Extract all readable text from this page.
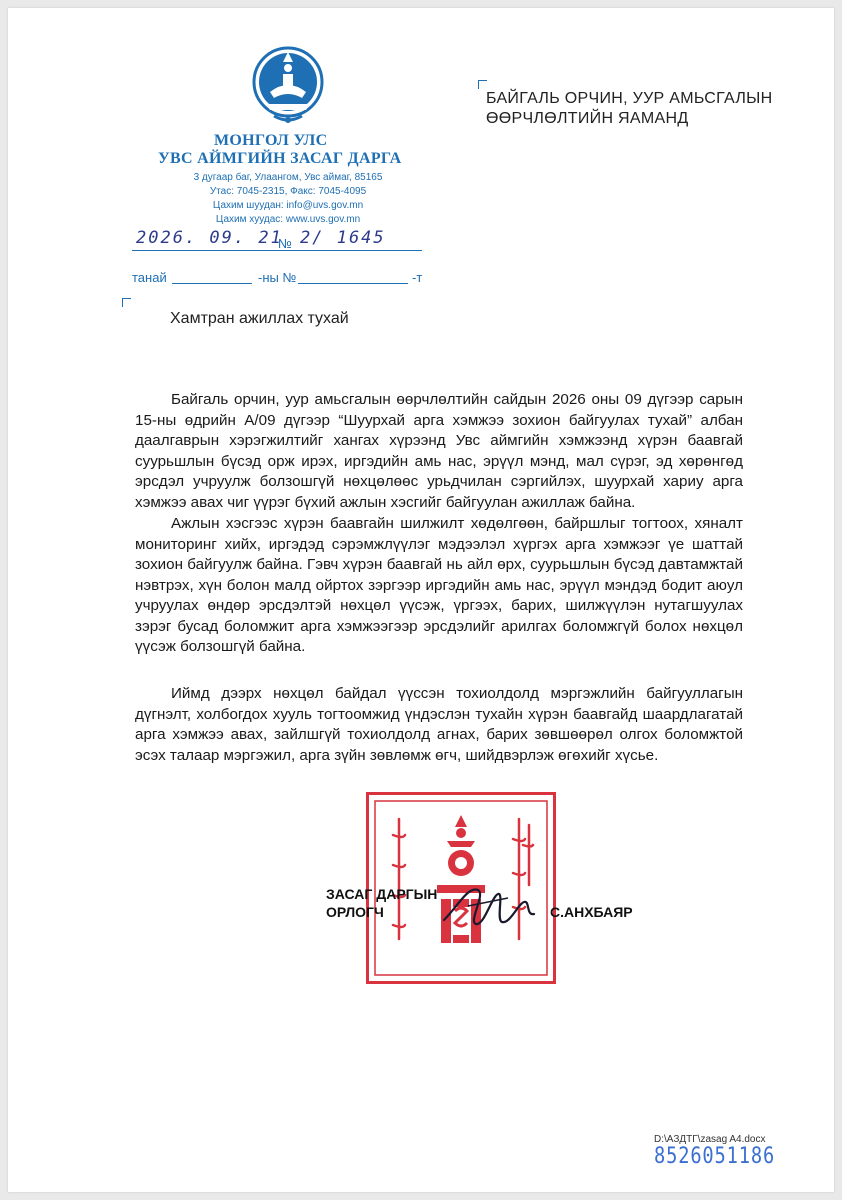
МОНГОЛ УЛС
УВС АЙМГИЙН ЗАСАГ ДАРГА
3 дугаар баг, Улаангом, Увс аймаг, 85165
Утас: 7045-2315, Факс: 7045-4095
Цахим шуудан: info@uvs.gov.mn
Цахим хуудас: www.uvs.gov.mn
БАЙГАЛЬ ОРЧИН, УУР АМЬСГАЛЫН
ӨӨРЧЛӨЛТИЙН ЯАМАНД
2026. 09. 21
№ 2/ 1645
танай	-ны №	-т
Хамтран ажиллах тухай
Байгаль орчин, уур амьсгалын өөрчлөлтийн сайдын 2026 оны 09 дүгээр сарын 15-ны өдрийн А/09 дүгээр “Шуурхай арга хэмжээ зохион байгуулах тухай” албан даалгаврын хэрэгжилтийг хангах хүрээнд Увс аймгийн хэмжээнд хүрэн баавгай суурьшлын бүсэд орж ирэх, иргэдийн амь нас, эрүүл мэнд, мал сүрэг, эд хөрөнгөд эрсдэл учруулж болзошгүй нөхцөлөөс урьдчилан сэргийлэх, шуурхай хариу арга хэмжээ авах чиг үүрэг бүхий ажлын хэсгийг байгуулан ажиллаж байна.
Ажлын хэсгээс хүрэн баавгайн шилжилт хөдөлгөөн, байршлыг тогтоох, хяналт мониторинг хийх, иргэдэд сэрэмжлүүлэг мэдээлэл хүргэх арга хэмжээг үе шаттай зохион байгуулж байна. Гэвч хүрэн баавгай нь айл өрх, суурьшлын бүсэд давтамжтай нэвтрэх, хүн болон малд ойртох зэргээр иргэдийн амь нас, эрүүл мэндэд бодит аюул учруулах өндөр эрсдэлтэй нөхцөл үүсэж, үргээх, барих, шилжүүлэн нутагшуулах зэрэг бусад боломжит арга хэмжээгээр эрсдэлийг арилгах боломжгүй болох нөхцөл үүсэж болзошгүй байна.
Иймд дээрх нөхцөл байдал үүссэн тохиолдолд мэргэжлийн байгууллагын дүгнэлт, холбогдох хууль тогтоомжид үндэслэн тухайн хүрэн баавгайд шаардлагатай арга хэмжээ авах, зайлшгүй тохиолдолд агнах, барих зөвшөөрөл олгох боломжтой эсэх талаар мэргэжил, арга зүйн зөвлөмж өгч, шийдвэрлэж өгөхийг хүсье.
ЗАСАГ ДАРГЫН
ОРЛОГЧ	С.АНХБАЯР
D:\АЗДТГ\zasag A4.docx
8526051186
